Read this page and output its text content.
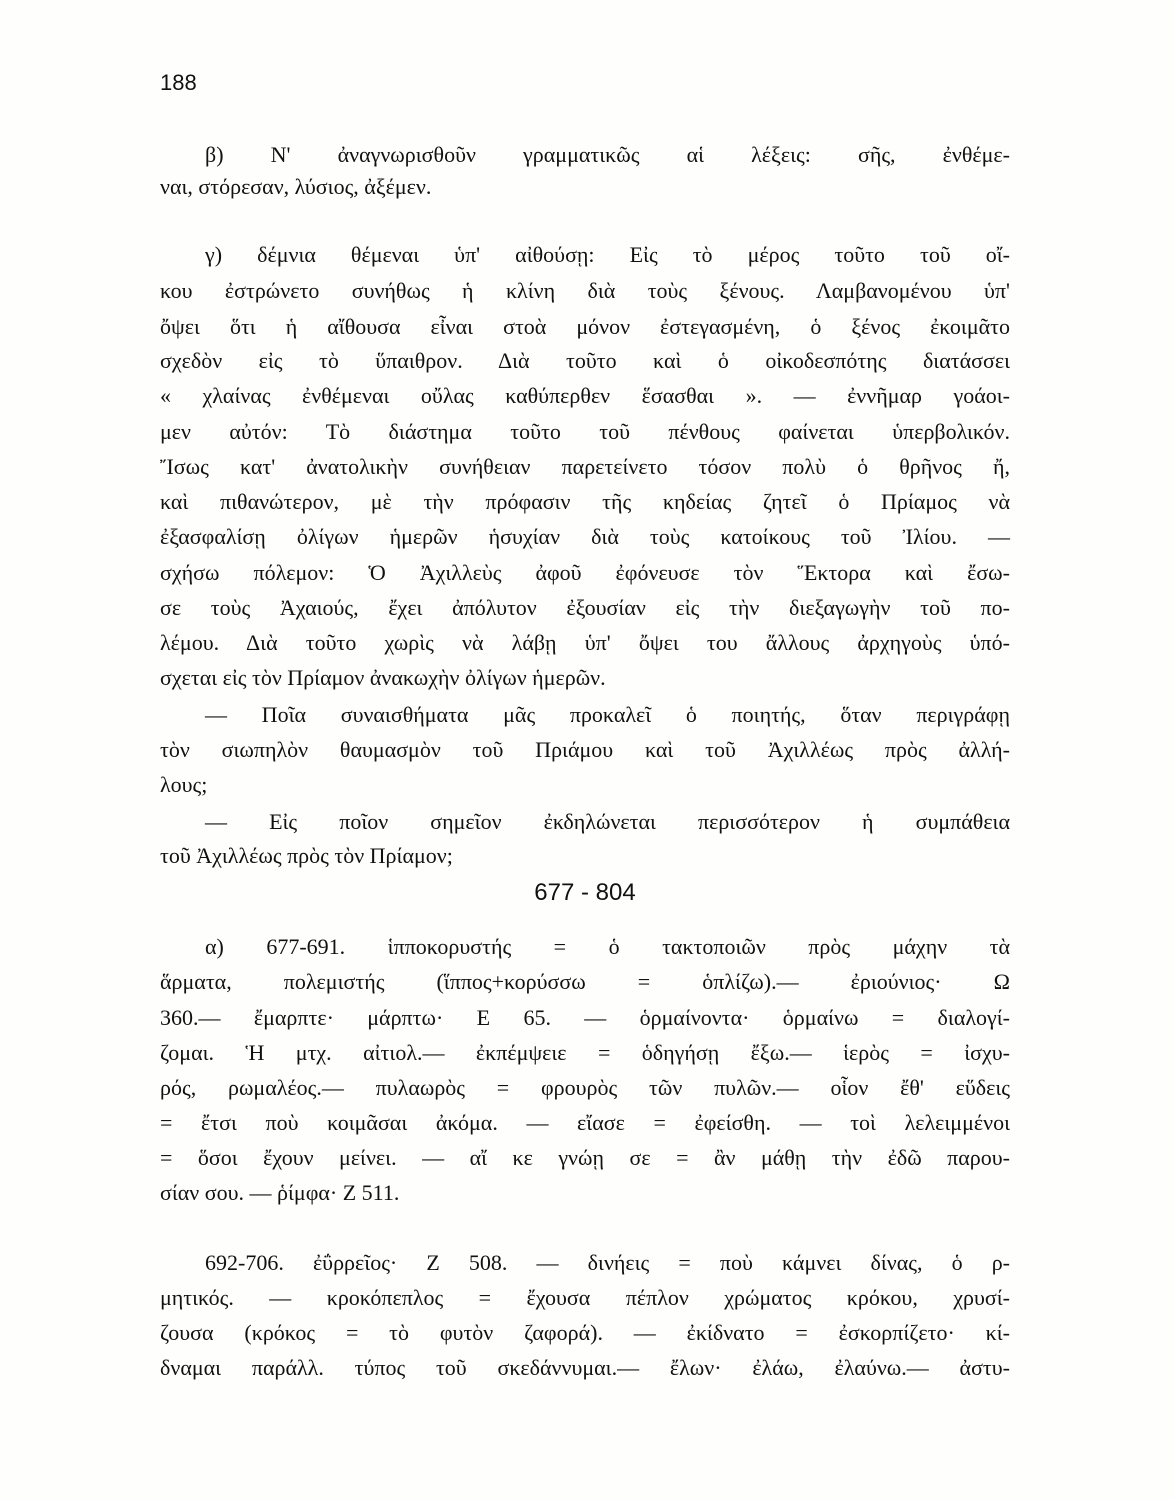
188
β) Ν' ἀναγνωρισθοῦν γραμματικῶς αἱ λέξεις: σῆς, ἐνθέμε-
ναι, στόρεσαν, λύσιος, ἀξέμεν.
γ) δέμνια θέμεναι ὑπ' αἰθούσῃ: Εἰς τὸ μέρος τοῦτο τοῦ οἴ-
κου ἐστρώνετο συνήθως ἡ κλίνη διὰ τοὺς ξένους. Λαμβανομένου ὑπ'
ὄψει ὅτι ἡ αἴθουσα εἶναι στοὰ μόνον ἐστεγασμένη, ὁ ξένος ἐκοιμᾶτο
σχεδὸν εἰς τὸ ὕπαιθρον. Διὰ τοῦτο καὶ ὁ οἰκοδεσπότης διατάσσει
« χλαίνας ἐνθέμεναι οὔλας καθύπερθεν ἕσασθαι ». — ἐννῆμαρ γοάοι-
μεν αὐτόν: Τὸ διάστημα τοῦτο τοῦ πένθους φαίνεται ὑπερβολικόν.
Ἴσως κατ' ἀνατολικὴν συνήθειαν παρετείνετο τόσον πολὺ ὁ θρῆνος ἤ,
καὶ πιθανώτερον, μὲ τὴν πρόφασιν τῆς κηδείας ζητεῖ ὁ Πρίαμος νὰ
ἐξασφαλίσῃ ὀλίγων ἡμερῶν ἡσυχίαν διὰ τοὺς κατοίκους τοῦ Ἰλίου. —
σχήσω πόλεμον: Ὁ Ἀχιλλεὺς ἀφοῦ ἐφόνευσε τὸν Ἕκτορα καὶ ἔσω-
σε τοὺς Ἀχαιούς, ἔχει ἀπόλυτον ἐξουσίαν εἰς τὴν διεξαγωγὴν τοῦ πο-
λέμου. Διὰ τοῦτο χωρὶς νὰ λάβῃ ὑπ' ὄψει του ἄλλους ἀρχηγοὺς ὑπό-
σχεται εἰς τὸν Πρίαμον ἀνακωχὴν ὀλίγων ἡμερῶν.
— Ποῖα συναισθήματα μᾶς προκαλεῖ ὁ ποιητής, ὅταν περιγράφῃ
τὸν σιωπηλὸν θαυμασμὸν τοῦ Πριάμου καὶ τοῦ Ἀχιλλέως πρὸς ἀλλή-
λους;
— Εἰς ποῖον σημεῖον ἐκδηλώνεται περισσότερον ἡ συμπάθεια
τοῦ Ἀχιλλέως πρὸς τὸν Πρίαμον;
α) 677-691. ἱπποκορυστής = ὁ τακτοποιῶν πρὸς μάχην τὰ
ἅρματα, πολεμιστής (ἵππος+κορύσσω = ὁπλίζω).— ἐριούνιος· Ω
360.— ἔμαρπτε· μάρπτω· Ε 65. — ὁρμαίνοντα· ὁρμαίνω = διαλογί-
ζομαι. Ἡ μτχ. αἰτιολ.— ἐκπέμψειε = ὁδηγήσῃ ἔξω.— ἱερὸς = ἰσχυ-
ρός, ρωμαλέος.— πυλαωρὸς = φρουρὸς τῶν πυλῶν.— οἷον ἔθ' εὕδεις
= ἔτσι ποὺ κοιμᾶσαι ἀκόμα. — εἴασε = ἐφείσθη. — τοὶ λελειμμένοι
= ὅσοι ἔχουν μείνει. — αἴ κε γνώῃ σε = ἂν μάθῃ τὴν ἐδῶ παρου-
σίαν σου. — ῥίμφα· Ζ 511.
692-706. ἐΰρρεῖος· Ζ 508. — δινήεις = ποὺ κάμνει δίνας, ὁ ρ-
μητικός. — κροκόπεπλος = ἔχουσα πέπλον χρώματος κρόκου, χρυσί-
ζουσα (κρόκος = τὸ φυτὸν ζαφορά). — ἐκίδνατο = ἐσκορπίζετο· κί-
δναμαι παράλλ. τύπος τοῦ σκεδάννυμαι.— ἔλων· ἐλάω, ἐλαύνω.— ἀστυ-
677 - 804
